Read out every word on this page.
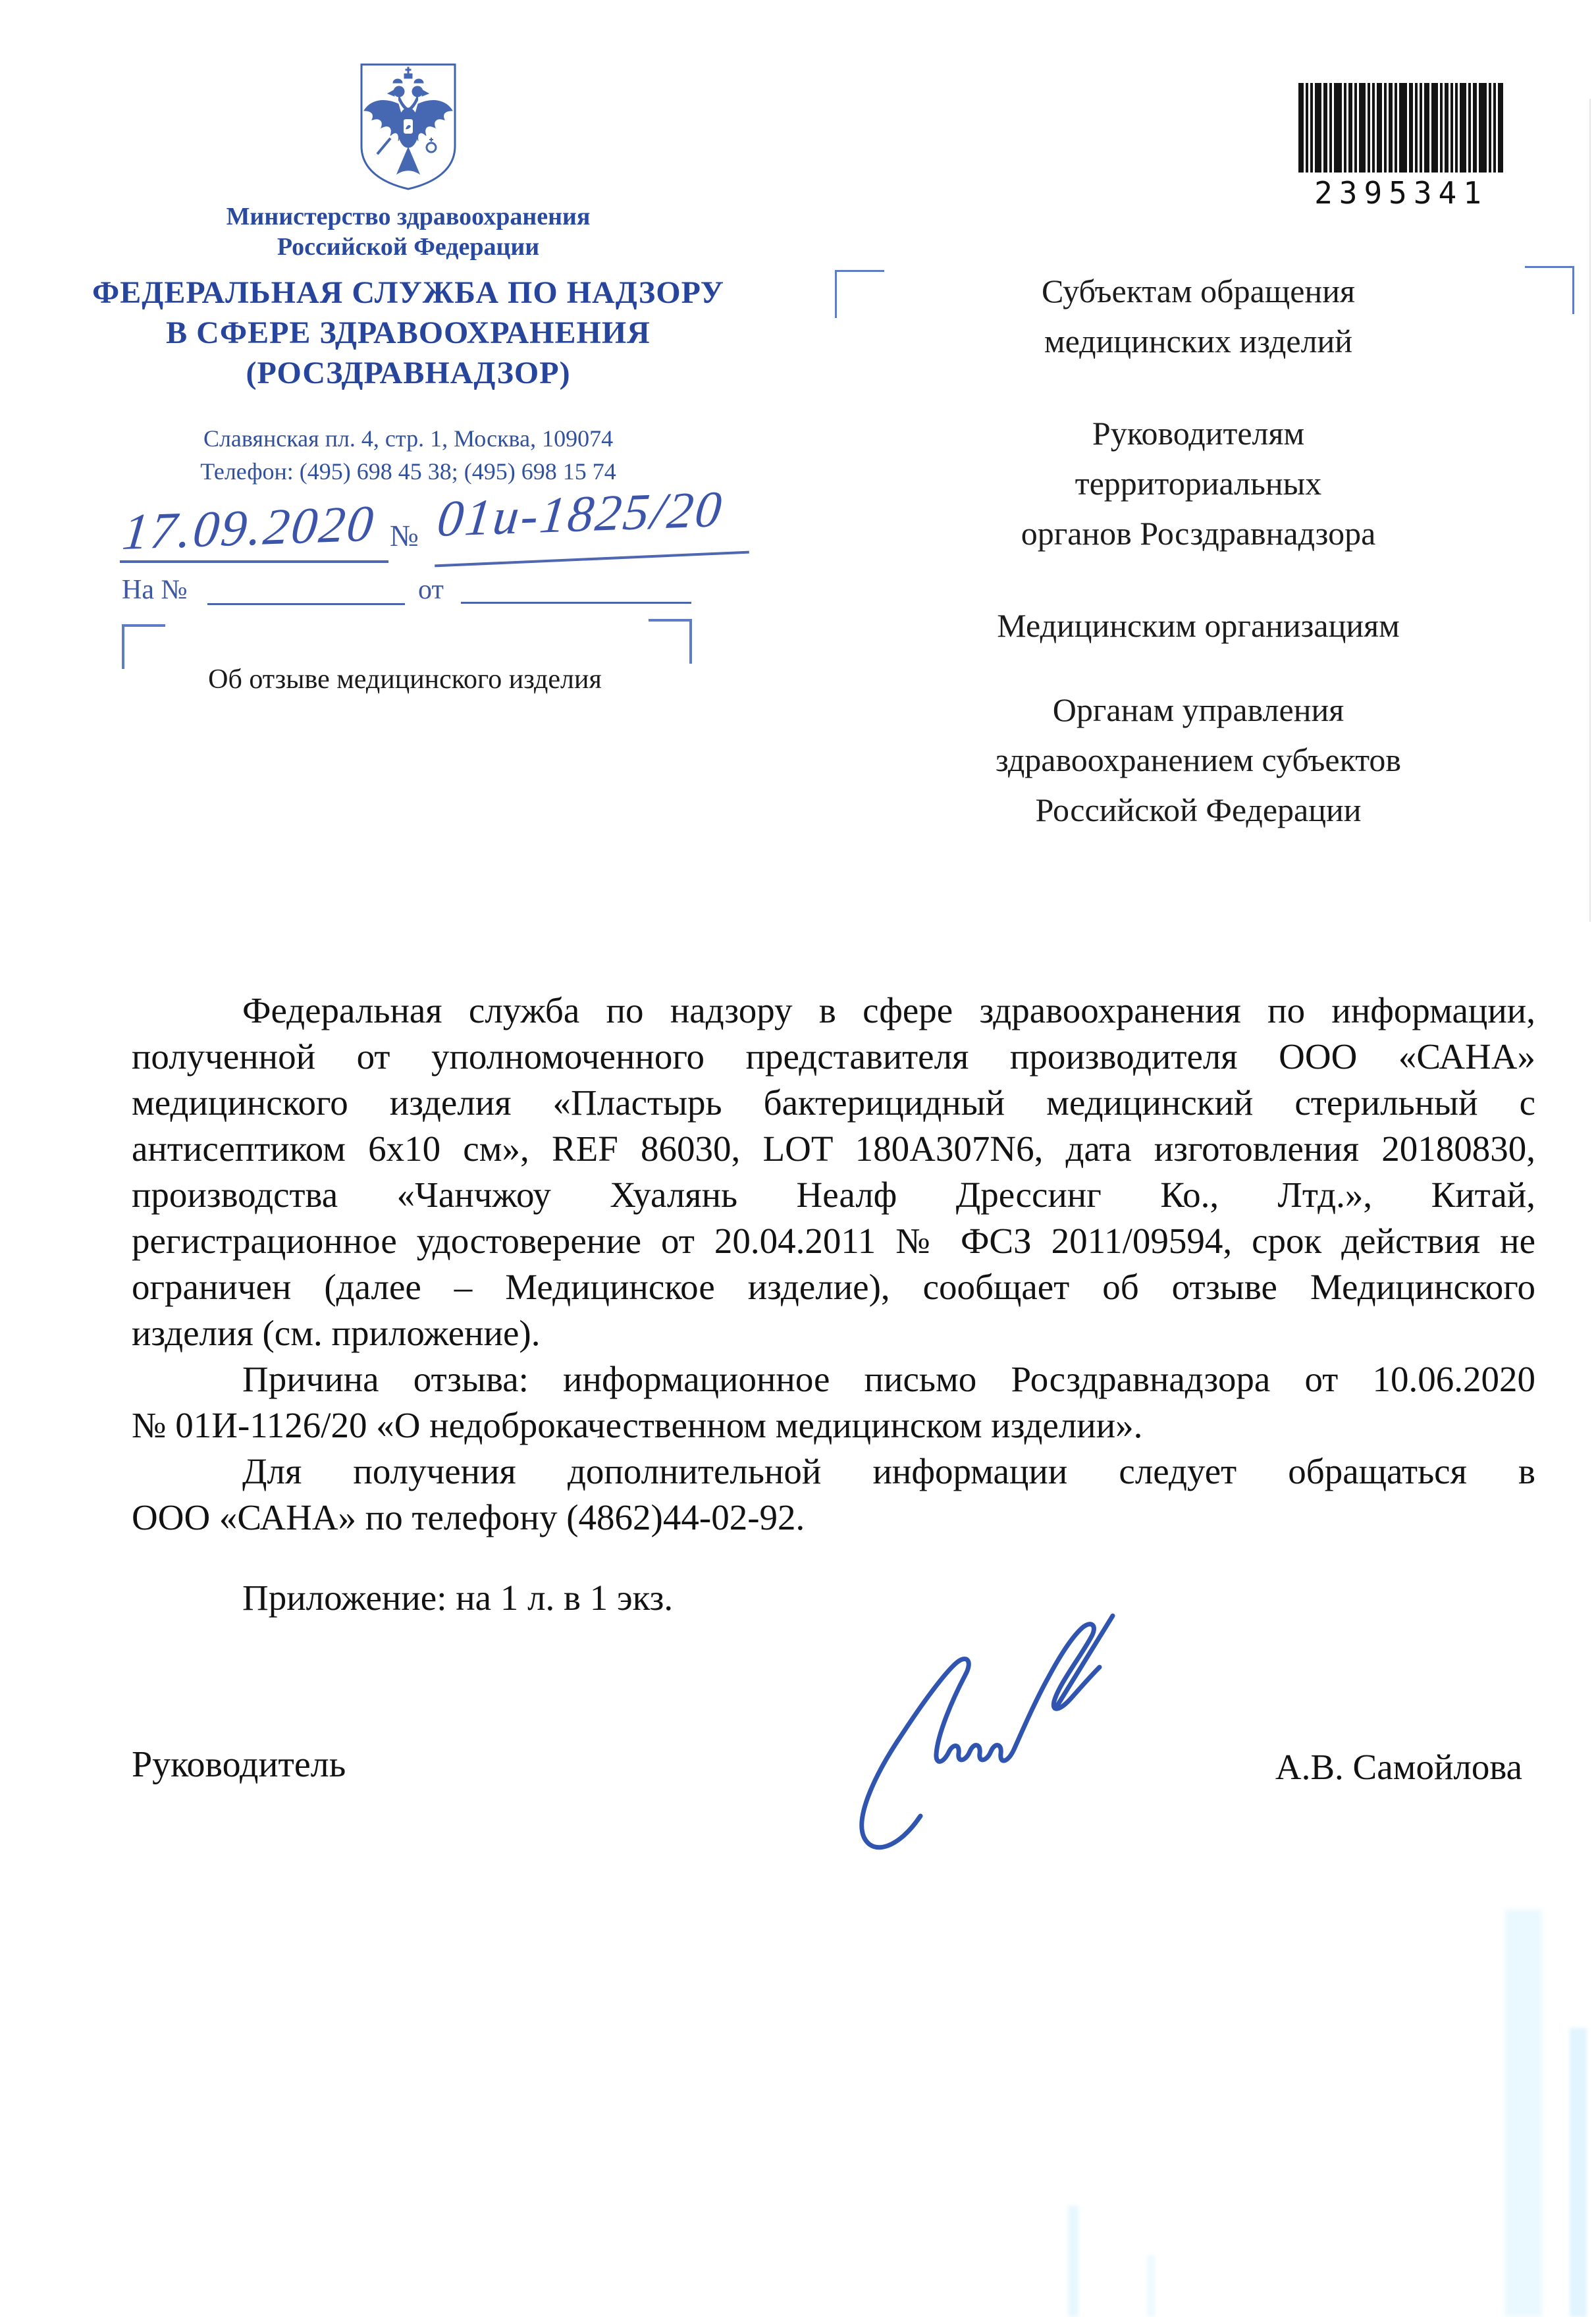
Министерство здравоохранения
Российской Федерации
ФЕДЕРАЛЬНАЯ СЛУЖБА ПО НАДЗОРУ
В СФЕРЕ ЗДРАВООХРАНЕНИЯ
(РОСЗДРАВНАДЗОР)
Славянская пл. 4, стр. 1, Москва, 109074
Телефон: (495) 698 45 38; (495) 698 15 74
17.09.2020 № 01и-1825/20
На №	от
Об отзыве медицинского изделия
2395341
Субъектам обращения
медицинских изделий
Руководителям
территориальных
органов Росздравнадзора
Медицинским организациям
Органам управления
здравоохранением субъектов
Российской Федерации
Федеральная служба по надзору в сфере здравоохранения по информации,
полученной от уполномоченного представителя производителя ООО «САНА»
медицинского изделия «Пластырь бактерицидный медицинский стерильный с
антисептиком 6х10 см», REF 86030, LOT 180A307N6, дата изготовления 20180830,
производства «Чанчжоу Хуалянь Неалф Дрессинг Ко., Лтд.», Китай,
регистрационное удостоверение от 20.04.2011 № ФСЗ 2011/09594, срок действия не
ограничен (далее – Медицинское изделие), сообщает об отзыве Медицинского
изделия (см. приложение).
Причина отзыва: информационное письмо Росздравнадзора от 10.06.2020
№ 01И-1126/20 «О недоброкачественном медицинском изделии».
Для получения дополнительной информации следует обращаться в
ООО «САНА» по телефону (4862)44-02-92.
Приложение: на 1 л. в 1 экз.
Руководитель	А.В. Самойлова
